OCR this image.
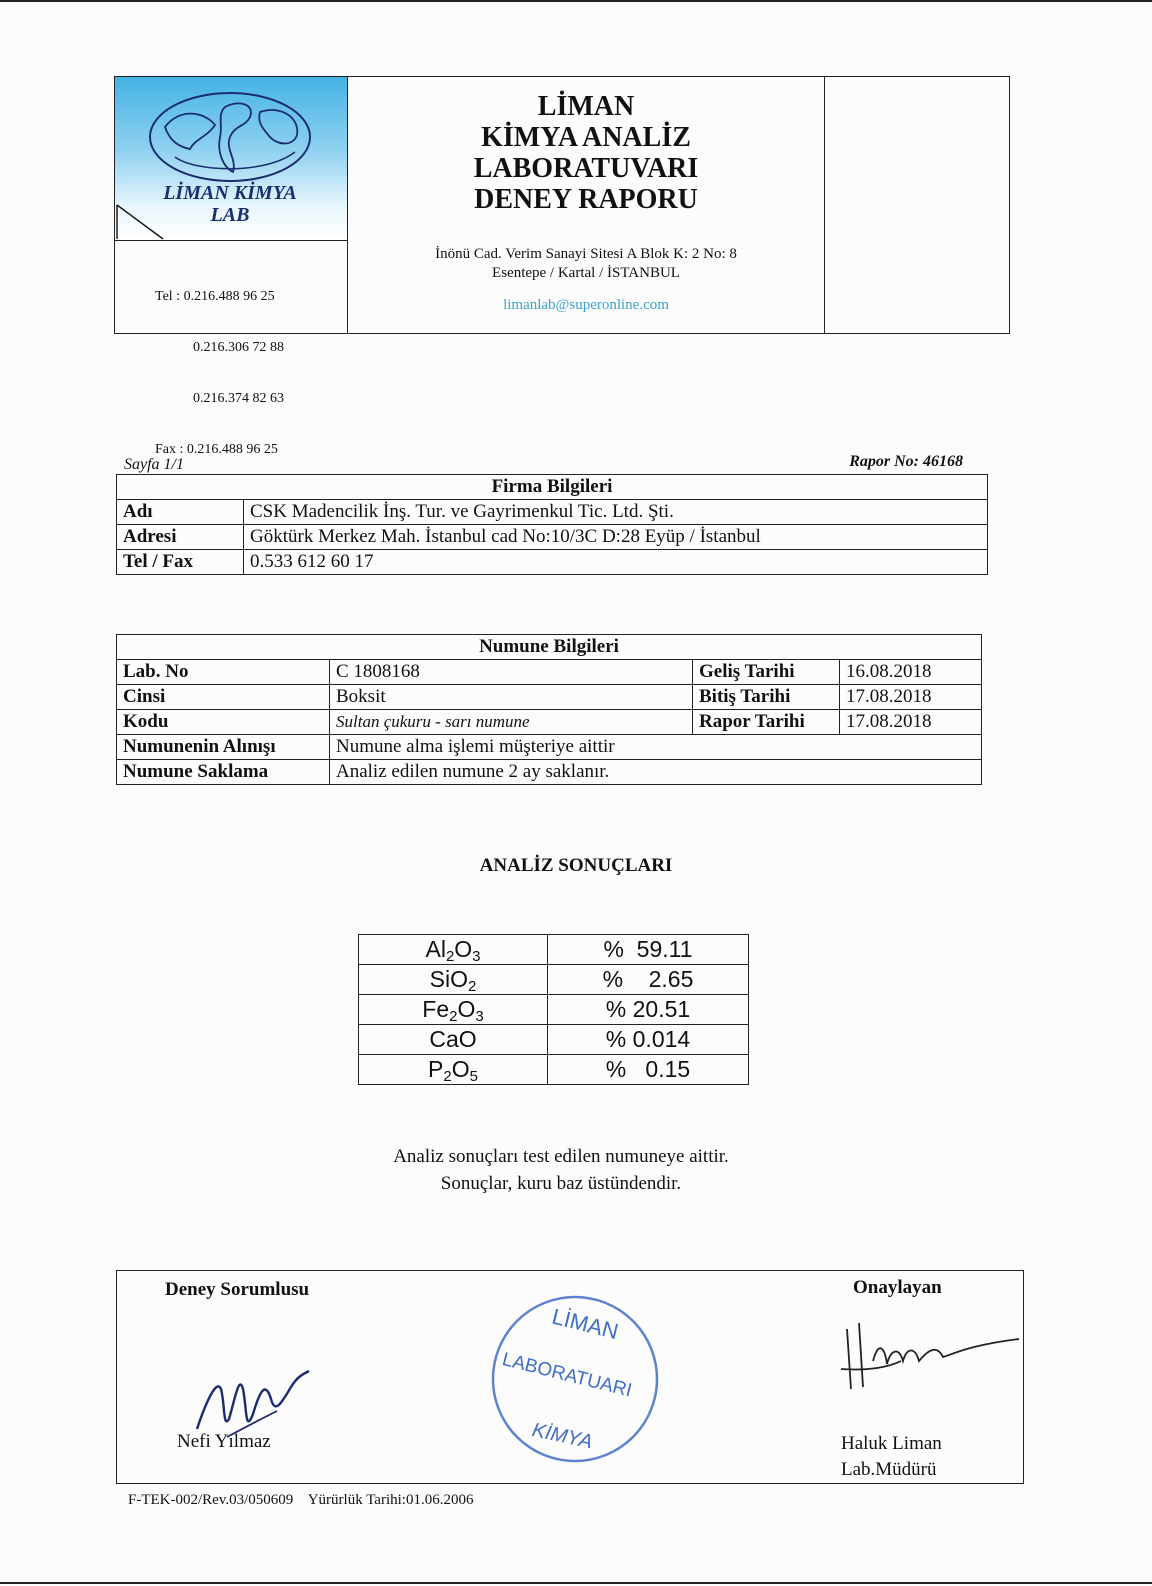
LİMAN KİMYA
LAB

Tel : 0.216.488 96 25

0.216.306 72 88

0.216.374 82 63

Fax : 0.216.488 96 25

LİMAN
KİMYA ANALİZ
LABORATUVARI
DENEY RAPORU
İnönü Cad. Verim Sanayi Sitesi A Blok K: 2 No: 8
Esentepe / Kartal / İSTANBUL
limanlab@superonline.com
Sayfa 1/1	Rapor No: 46168
Firma Bilgileri	
Adı	CSK Madencilik İnş. Tur. ve Gayrimenkul Tic. Ltd. Şti.
Adresi	Göktürk Merkez Mah. İstanbul cad No:10/3C D:28 Eyüp / İstanbul
Tel / Fax	0.533 612 60 17
Numune Bilgileri			
Lab. No	C 1808168	Geliş Tarihi	16.08.2018
Cinsi	Boksit	Bitiş Tarihi	17.08.2018
Kodu	Sultan çukuru - sarı numune	Rapor Tarihi	17.08.2018
Numunenin Alınışı	Numune alma işlemi müşteriye aittir		
Numune Saklama	Analiz edilen numune 2 ay saklanır.		
ANALİZ SONUÇLARI
$Al_2O_3$	%  59.11
SiO$_2$	%    2.65
$Fe_2O_3$	% 20.51
CaO	% 0.014
$P_2O_5$	%   0.15
Analiz sonuçları test edilen numuneye aittir.
Sonuçlar, kuru baz üstündendir.
Deney Sorumlusu	Onaylayan
Nefi Yılmaz
LİMAN
LABORATUARI
KİMYA	Haluk Liman
Lab.Müdürü
F-TEK-002/Rev.03/050609 Yürürlük Tarihi:01.06.2006
